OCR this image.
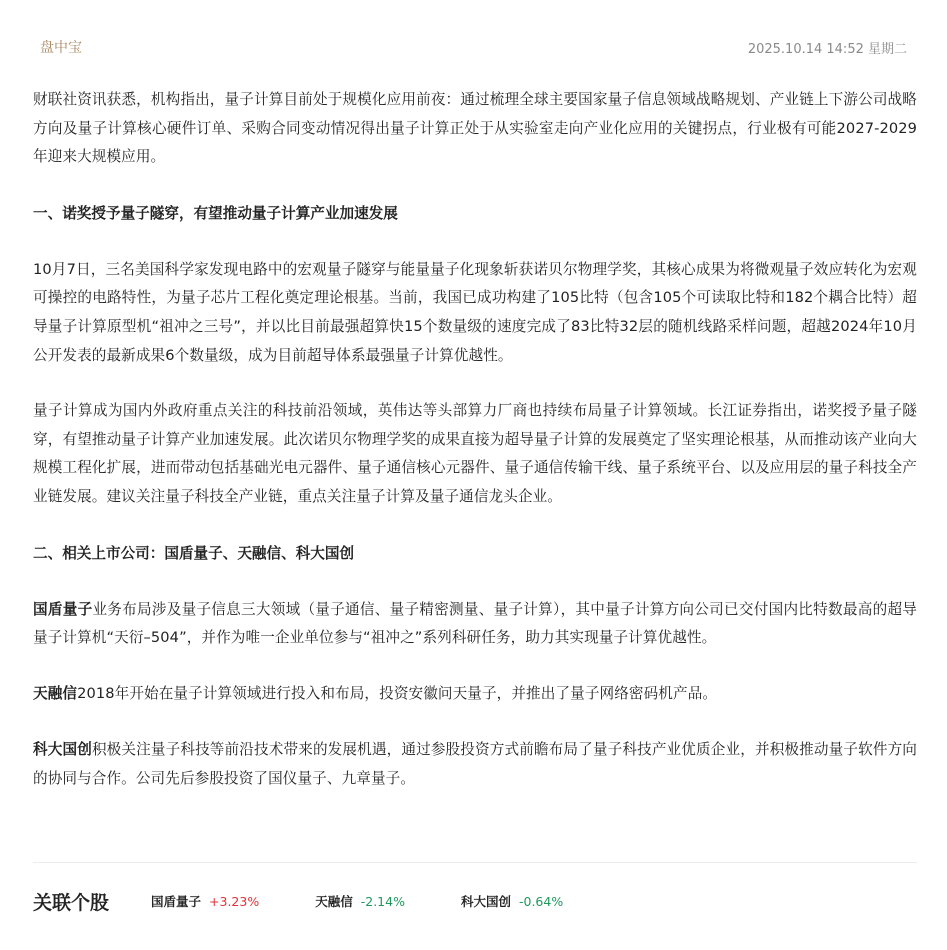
盘中宝	2025.10.14 14:52 星期二

财联社资讯获悉，机构指出，量子计算目前处于规模化应用前夜：通过梳理全球主要国家量子信息领域战略规划、产业链上下游公司战略方向及量子计算核心硬件订单、采购合同变动情况得出量子计算正处于从实验室走向产业化应用的关键拐点，行业极有可能2027-2029年迎来大规模应用。

一、诺奖授予量子隧穿，有望推动量子计算产业加速发展

10月7日，三名美国科学家发现电路中的宏观量子隧穿与能量量子化现象斩获诺贝尔物理学奖，其核心成果为将微观量子效应转化为宏观可操控的电路特性，为量子芯片工程化奠定理论根基。当前，我国已成功构建了105比特（包含105个可读取比特和182个耦合比特）超导量子计算原型机“祖冲之三号”，并以比目前最强超算快15个数量级的速度完成了83比特32层的随机线路采样问题，超越2024年10月公开发表的最新成果6个数量级，成为目前超导体系最强量子计算优越性。

量子计算成为国内外政府重点关注的科技前沿领域，英伟达等头部算力厂商也持续布局量子计算领域。长江证券指出，诺奖授予量子隧穿，有望推动量子计算产业加速发展。此次诺贝尔物理学奖的成果直接为超导量子计算的发展奠定了坚实理论根基，从而推动该产业向大规模工程化扩展，进而带动包括基础光电元器件、量子通信核心元器件、量子通信传输干线、量子系统平台、以及应用层的量子科技全产业链发展。建议关注量子科技全产业链，重点关注量子计算及量子通信龙头企业。

二、相关上市公司：国盾量子、天融信、科大国创

国盾量子业务布局涉及量子信息三大领域（量子通信、量子精密测量、量子计算），其中量子计算方向公司已交付国内比特数最高的超导量子计算机“天衍–504”，并作为唯一企业单位参与“祖冲之”系列科研任务，助力其实现量子计算优越性。

天融信2018年开始在量子计算领域进行投入和布局，投资安徽问天量子，并推出了量子网络密码机产品。

科大国创积极关注量子科技等前沿技术带来的发展机遇，通过参股投资方式前瞻布局了量子科技产业优质企业，并积极推动量子软件方向的协同与合作。公司先后参股投资了国仪量子、九章量子。

关联个股	国盾量子 +3.23%	天融信 -2.14%	科大国创 -0.64%
